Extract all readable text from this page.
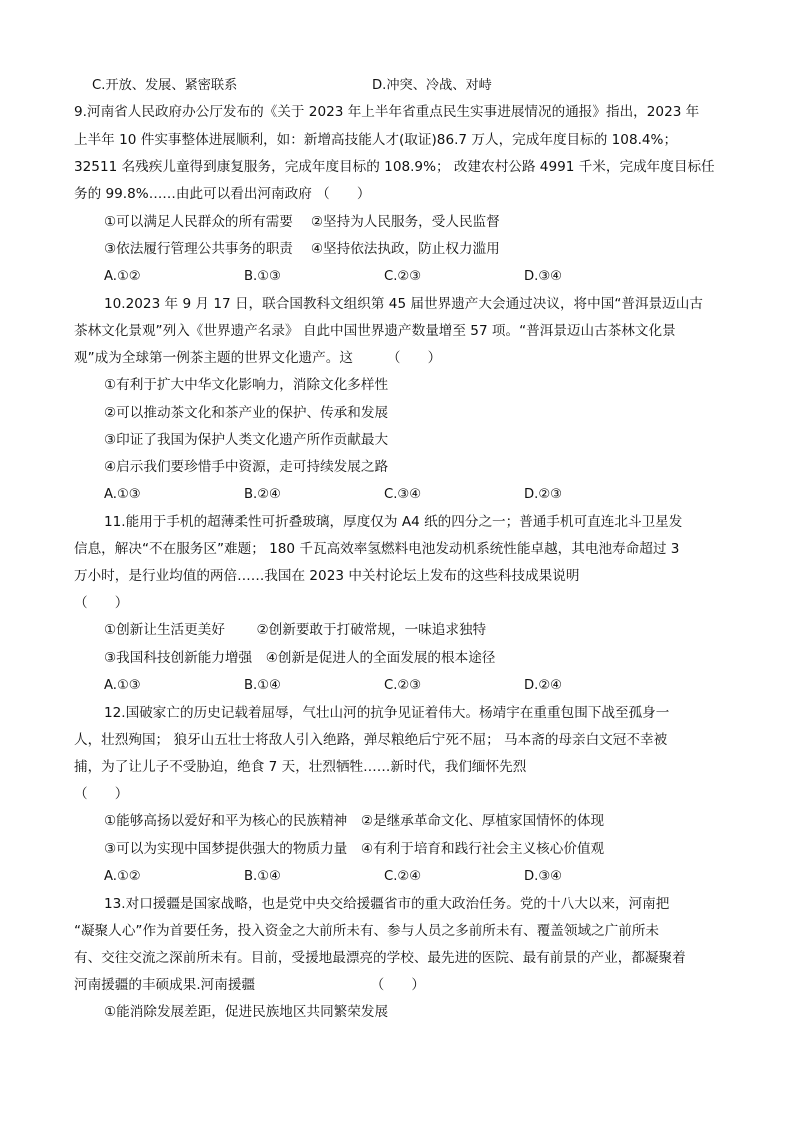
C.开放、发展、紧密联系	D.冲突、冷战、对峙
9.河南省人民政府办公厅发布的《关于 2023 年上半年省重点民生实事进展情况的通报》指出，2023 年
上半年 10 件实事整体进展顺利，如：新增高技能人才(取证)86.7 万人，完成年度目标的 108.4%；
32511 名残疾儿童得到康复服务，完成年度目标的 108.9%； 改建农村公路 4991 千米，完成年度目标任
务的 99.8%……由此可以看出河南政府 （　　）
①可以满足人民群众的所有需要　 ②坚持为人民服务，受人民监督
③依法履行管理公共事务的职责　 ④坚持依法执政，防止权力滥用
A.①②	B.①③	C.②③	D.③④
10.2023 年 9 月 17 日，联合国教科文组织第 45 届世界遗产大会通过决议，将中国“普洱景迈山古
茶林文化景观”列入《世界遗产名录》 自此中国世界遗产数量增至 57 项。“普洱景迈山古茶林文化景
观”成为全球第一例茶主题的世界文化遗产。这　　　（　　）
①有利于扩大中华文化影响力，消除文化多样性
②可以推动茶文化和茶产业的保护、传承和发展
③印证了我国为保护人类文化遗产所作贡献最大
④启示我们要珍惜手中资源，走可持续发展之路
A.①③	B.②④	C.③④	D.②③
11.能用于手机的超薄柔性可折叠玻璃，厚度仅为 A4 纸的四分之一；普通手机可直连北斗卫星发
信息，解决“不在服务区”难题； 180 千瓦高效率氢燃料电池发动机系统性能卓越，其电池寿命超过 3
万小时，是行业均值的两倍……我国在 2023 中关村论坛上发布的这些科技成果说明
（　　）
①创新让生活更美好　　 ②创新要敢于打破常规，一味追求独特
③我国科技创新能力增强　④创新是促进人的全面发展的根本途径
A.①③	B.①④	C.②③	D.②④
12.国破家亡的历史记载着屈辱，气壮山河的抗争见证着伟大。杨靖宇在重重包围下战至孤身一
人，壮烈殉国； 狼牙山五壮士将敌人引入绝路，弹尽粮绝后宁死不屈； 马本斋的母亲白文冠不幸被
捕，为了让儿子不受胁迫，绝食 7 天，壮烈牺牲……新时代，我们缅怀先烈
（　　）
①能够高扬以爱好和平为核心的民族精神　②是继承革命文化、厚植家国情怀的体现
③可以为实现中国梦提供强大的物质力量　④有利于培育和践行社会主义核心价值观
A.①②	B.①④	C.②④	D.③④
13.对口援疆是国家战略，也是党中央交给援疆省市的重大政治任务。党的十八大以来，河南把
“凝聚人心”作为首要任务，投入资金之大前所未有、参与人员之多前所未有、覆盖领域之广前所未
有、交往交流之深前所未有。目前，受援地最漂亮的学校、最先进的医院、最有前景的产业，都凝聚着
河南援疆的丰硕成果.河南援疆　　　　　　　　　（　　）
①能消除发展差距，促进民族地区共同繁荣发展
